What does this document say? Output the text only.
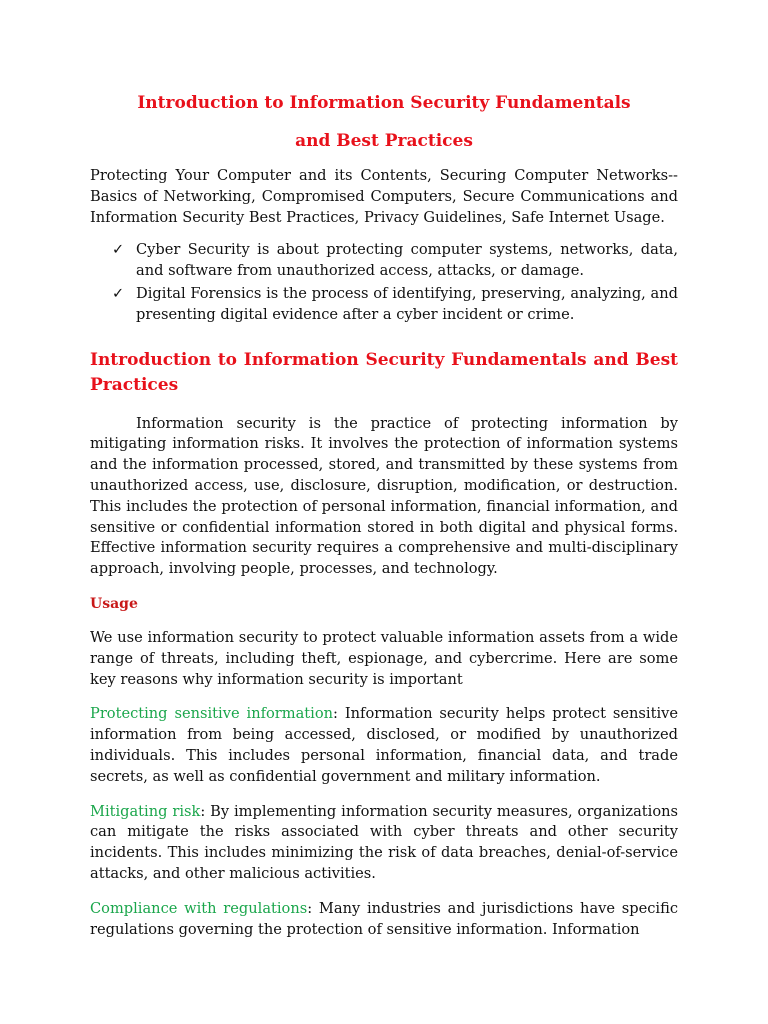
Introduction to Information Security Fundamentals
and Best Practices

Protecting Your Computer and its Contents, Securing Computer Networks--Basics of Networking, Compromised Computers, Secure Communications and Information Security Best Practices, Privacy Guidelines, Safe Internet Usage.

✓ Cyber Security is about protecting computer systems, networks, data, and software from unauthorized access, attacks, or damage.
✓ Digital Forensics is the process of identifying, preserving, analyzing, and presenting digital evidence after a cyber incident or crime.
Introduction to Information Security Fundamentals and Best Practices

Information security is the practice of protecting information by mitigating information risks. It involves the protection of information systems and the information processed, stored, and transmitted by these systems from unauthorized access, use, disclosure, disruption, modification, or destruction. This includes the protection of personal information, financial information, and sensitive or confidential information stored in both digital and physical forms. Effective information security requires a comprehensive and multi-disciplinary approach, involving people, processes, and technology.

Usage

We use information security to protect valuable information assets from a wide range of threats, including theft, espionage, and cybercrime. Here are some key reasons why information security is important

Protecting sensitive information: Information security helps protect sensitive information from being accessed, disclosed, or modified by unauthorized individuals. This includes personal information, financial data, and trade secrets, as well as confidential government and military information.

Mitigating risk: By implementing information security measures, organizations can mitigate the risks associated with cyber threats and other security incidents. This includes minimizing the risk of data breaches, denial-of-service attacks, and other malicious activities.

Compliance with regulations: Many industries and jurisdictions have specific regulations governing the protection of sensitive information. Information
